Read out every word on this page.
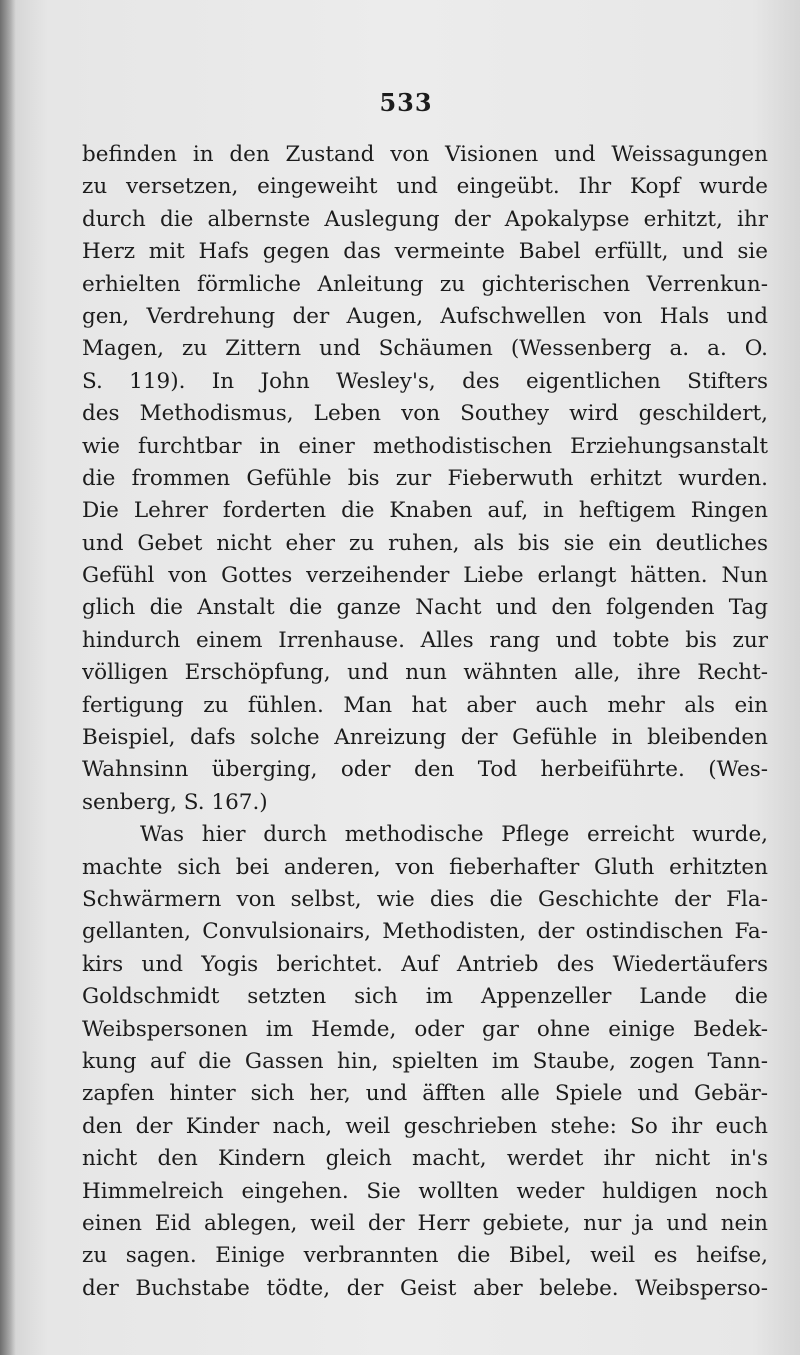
533
befinden in den Zustand von Visionen und Weissagungen
zu versetzen, eingeweiht und eingeübt. Ihr Kopf wurde
durch die albernste Auslegung der Apokalypse erhitzt, ihr
Herz mit Hafs gegen das vermeinte Babel erfüllt, und sie
erhielten förmliche Anleitung zu gichterischen Verrenkun-
gen, Verdrehung der Augen, Aufschwellen von Hals und
Magen, zu Zittern und Schäumen (Wessenberg a. a. O.
S. 119). In John Wesley's, des eigentlichen Stifters
des Methodismus, Leben von Southey wird geschildert,
wie furchtbar in einer methodistischen Erziehungsanstalt
die frommen Gefühle bis zur Fieberwuth erhitzt wurden.
Die Lehrer forderten die Knaben auf, in heftigem Ringen
und Gebet nicht eher zu ruhen, als bis sie ein deutliches
Gefühl von Gottes verzeihender Liebe erlangt hätten. Nun
glich die Anstalt die ganze Nacht und den folgenden Tag
hindurch einem Irrenhause. Alles rang und tobte bis zur
völligen Erschöpfung, und nun wähnten alle, ihre Recht-
fertigung zu fühlen. Man hat aber auch mehr als ein
Beispiel, dafs solche Anreizung der Gefühle in bleibenden
Wahnsinn überging, oder den Tod herbeiführte. (Wes-
senberg, S. 167.)
Was hier durch methodische Pflege erreicht wurde,
machte sich bei anderen, von fieberhafter Gluth erhitzten
Schwärmern von selbst, wie dies die Geschichte der Fla-
gellanten, Convulsionairs, Methodisten, der ostindischen Fa-
kirs und Yogis berichtet. Auf Antrieb des Wiedertäufers
Goldschmidt setzten sich im Appenzeller Lande die
Weibspersonen im Hemde, oder gar ohne einige Bedek-
kung auf die Gassen hin, spielten im Staube, zogen Tann-
zapfen hinter sich her, und äfften alle Spiele und Gebär-
den der Kinder nach, weil geschrieben stehe: So ihr euch
nicht den Kindern gleich macht, werdet ihr nicht in's
Himmelreich eingehen. Sie wollten weder huldigen noch
einen Eid ablegen, weil der Herr gebiete, nur ja und nein
zu sagen. Einige verbrannten die Bibel, weil es heifse,
der Buchstabe tödte, der Geist aber belebe. Weibsperso-
